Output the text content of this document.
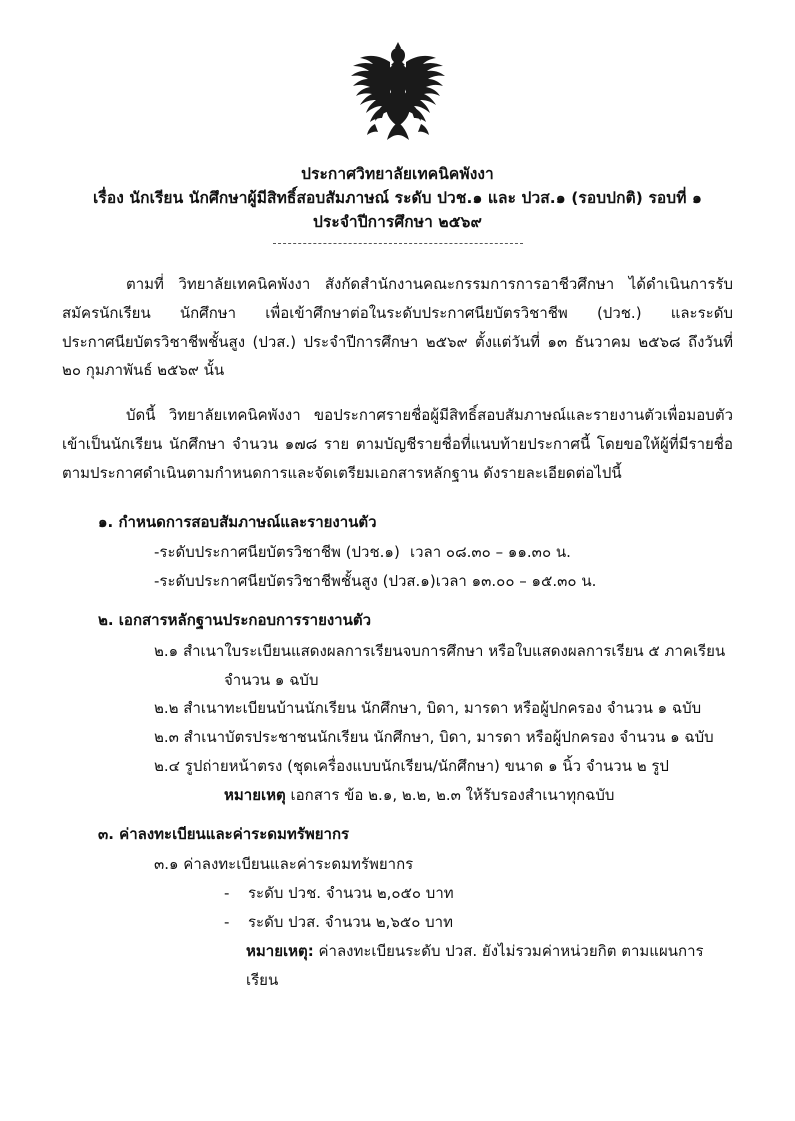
ประกาศวิทยาลัยเทคนิคพังงา
เรื่อง นักเรียน นักศึกษาผู้มีสิทธิ์สอบสัมภาษณ์ ระดับ ปวช.๑ และ ปวส.๑ (รอบปกติ) รอบที่ ๑
ประจำปีการศึกษา ๒๕๖๙
ตามที่ วิทยาลัยเทคนิคพังงา สังกัดสำนักงานคณะกรรมการการอาชีวศึกษา ได้ดำเนินการรับสมัครนักเรียน นักศึกษา เพื่อเข้าศึกษาต่อในระดับประกาศนียบัตรวิชาชีพ (ปวช.) และระดับประกาศนียบัตรวิชาชีพชั้นสูง (ปวส.) ประจำปีการศึกษา ๒๕๖๙ ตั้งแต่วันที่ ๑๓ ธันวาคม ๒๕๖๘ ถึงวันที่ ๒๐ กุมภาพันธ์ ๒๕๖๙ นั้น
บัดนี้ วิทยาลัยเทคนิคพังงา ขอประกาศรายชื่อผู้มีสิทธิ์สอบสัมภาษณ์และรายงานตัวเพื่อมอบตัวเข้าเป็นนักเรียน นักศึกษา จำนวน ๑๗๘ ราย ตามบัญชีรายชื่อที่แนบท้ายประกาศนี้ โดยขอให้ผู้ที่มีรายชื่อตามประกาศดำเนินตามกำหนดการและจัดเตรียมเอกสารหลักฐาน ดังรายละเอียดต่อไปนี้
๑. กำหนดการสอบสัมภาษณ์และรายงานตัว
-ระดับประกาศนียบัตรวิชาชีพ (ปวช.๑) เวลา ๐๘.๓๐ – ๑๑.๓๐ น.
-ระดับประกาศนียบัตรวิชาชีพชั้นสูง (ปวส.๑) เวลา ๑๓.๐๐ – ๑๕.๓๐ น.
๒. เอกสารหลักฐานประกอบการรายงานตัว
๒.๑ สำเนาใบระเบียนแสดงผลการเรียนจบการศึกษา หรือใบแสดงผลการเรียน ๕ ภาคเรียน
จำนวน ๑ ฉบับ
๒.๒ สำเนาทะเบียนบ้านนักเรียน นักศึกษา, บิดา, มารดา หรือผู้ปกครอง จำนวน ๑ ฉบับ
๒.๓ สำเนาบัตรประชาชนนักเรียน นักศึกษา, บิดา, มารดา หรือผู้ปกครอง จำนวน ๑ ฉบับ
๒.๔ รูปถ่ายหน้าตรง (ชุดเครื่องแบบนักเรียน/นักศึกษา) ขนาด ๑ นิ้ว จำนวน ๒ รูป
หมายเหตุ เอกสาร ข้อ ๒.๑, ๒.๒, ๒.๓ ให้รับรองสำเนาทุกฉบับ
๓. ค่าลงทะเบียนและค่าระดมทรัพยากร
๓.๑ ค่าลงทะเบียนและค่าระดมทรัพยากร
-	ระดับ ปวช. จำนวน ๒,๐๕๐ บาท
-	ระดับ ปวส. จำนวน ๒,๖๕๐ บาท
หมายเหตุ: ค่าลงทะเบียนระดับ ปวส. ยังไม่รวมค่าหน่วยกิต ตามแผนการเรียน
